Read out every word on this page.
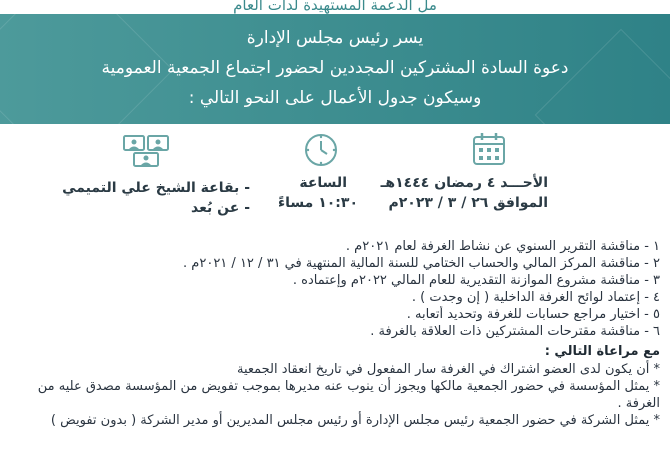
مل الدعمة المستهيدة لدات العام
يسر رئيس مجلس الإدارة
دعوة السادة المشتركين المجددين لحضور اجتماع الجمعية العمومية
وسيكون جدول الأعمال على النحو التالي :
الأحـــد ٤ رمضان ١٤٤٤هـ
الموافق ٢٦ / ٣ / ٢٠٢٣م
الساعة
١٠:٣٠ مساءً
- بقاعة الشيخ علي التميمي
- عن بُعد
١ - مناقشة التقرير السنوي عن نشاط الغرفة لعام ٢٠٢١م .
٢ - مناقشة المركز المالي والحساب الختامي للسنة المالية المنتهية في ٣١ / ١٢ / ٢٠٢١م .
٣ - مناقشة مشروع الموازنة التقديرية للعام المالي ٢٠٢٢م وإعتماده .
٤ - إعتماد لوائح الغرفة الداخلية ( إن وجدت ) .
٥ - اختيار مراجع حسابات للغرفة وتحديد أتعابه .
٦ - مناقشة مقترحات المشتركين ذات العلاقة بالغرفة .
مع مراعاة التالي :
* أن يكون لدى العضو اشتراك في الغرفة سار المفعول في تاريخ انعقاد الجمعية
* يمثل المؤسسة في حضور الجمعية مالكها ويجوز أن ينوب عنه مديرها بموجب تفويض من المؤسسة مصدق عليه من الغرفة .
* يمثل الشركة في حضور الجمعية رئيس مجلس الإدارة أو رئيس مجلس المديرين أو مدير الشركة ( بدون تفويض )
